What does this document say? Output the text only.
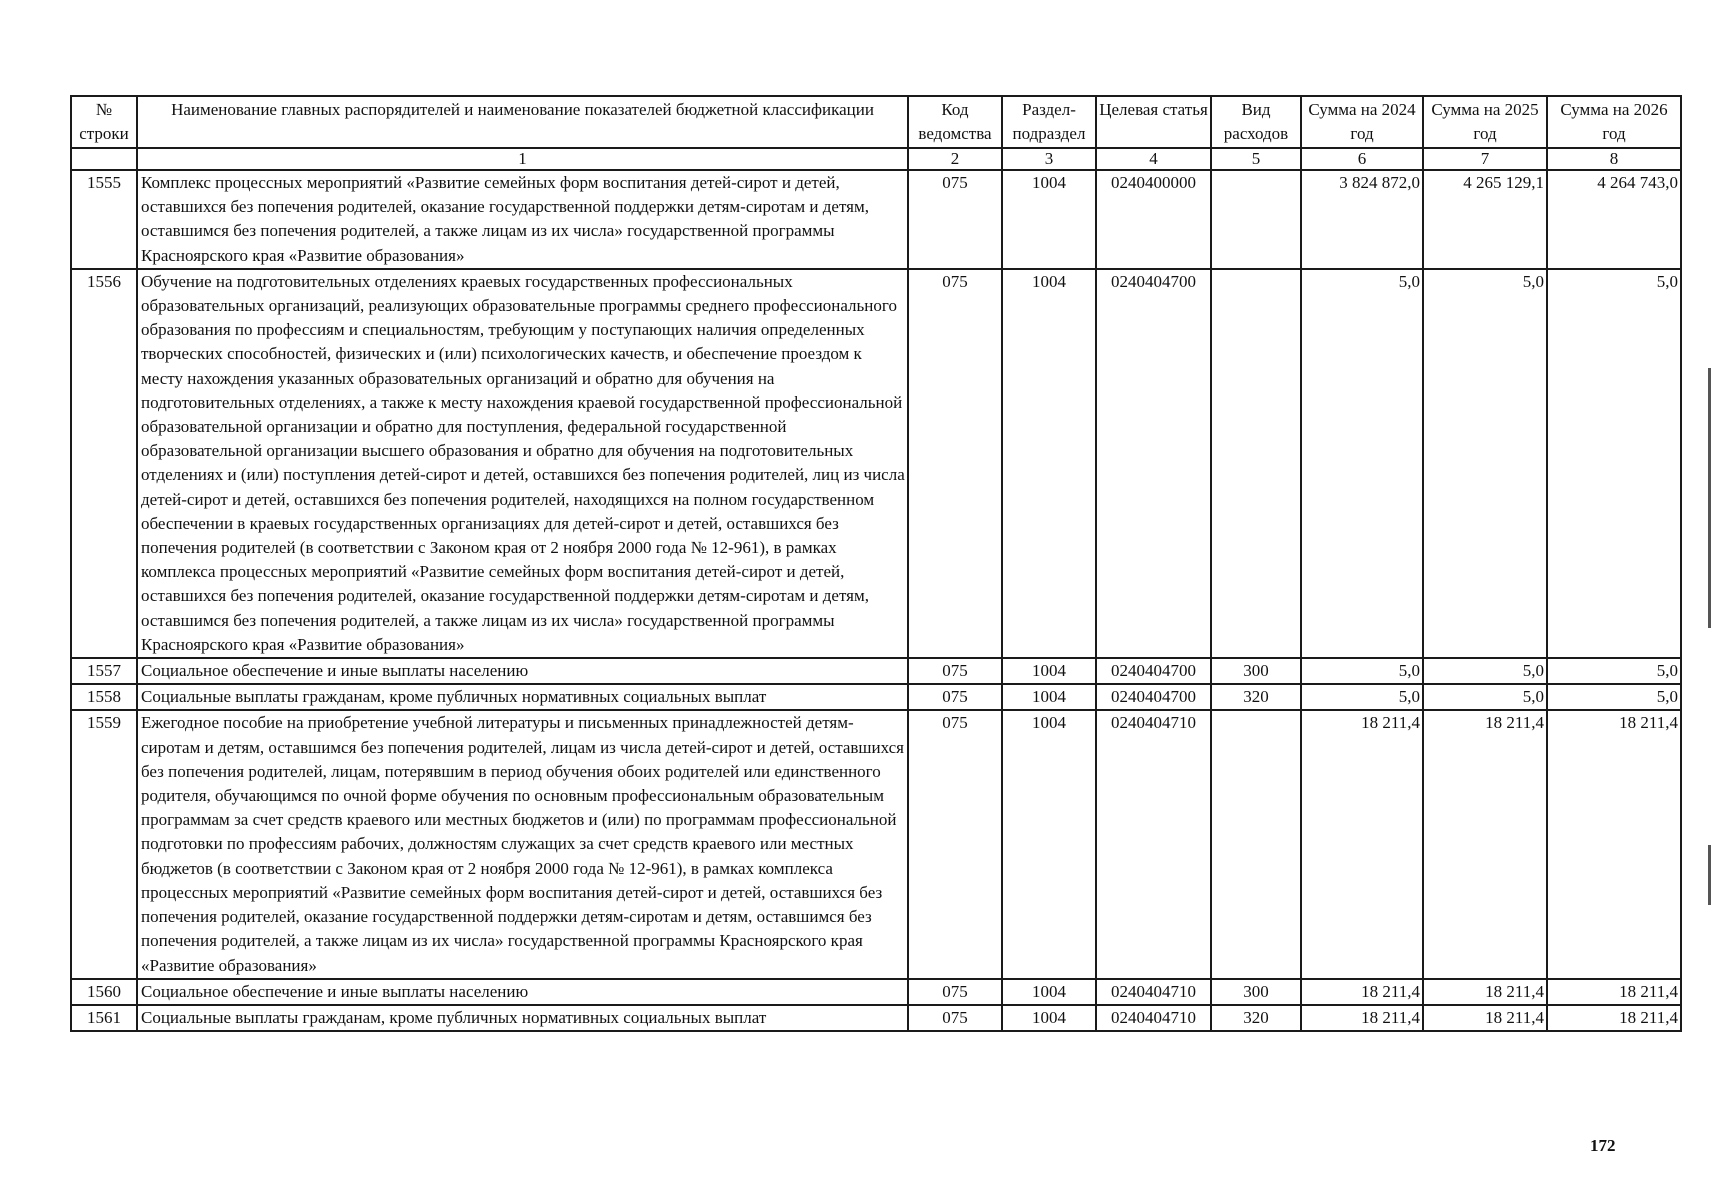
№ строки	Наименование главных распорядителей и наименование показателей бюджетной классификации	Код ведомства	Раздел-подраздел	Целевая статья	Вид расходов	Сумма на 2024 год	Сумма на 2025 год	Сумма на 2026 год
	1	2	3	4	5	6	7	8
1555	Комплекс процессных мероприятий «Развитие семейных форм воспитания детей-сирот и детей, оставшихся без попечения родителей, оказание государственной поддержки детям-сиротам и детям, оставшимся без попечения родителей, а также лицам из их числа» государственной программы Красноярского края «Развитие образования»	075	1004	0240400000		3 824 872,0	4 265 129,1	4 264 743,0
1556	Обучение на подготовительных отделениях краевых государственных профессиональных образовательных организаций, реализующих образовательные программы среднего профессионального образования по профессиям и специальностям, требующим у поступающих наличия определенных творческих способностей, физических и (или) психологических качеств, и обеспечение проездом к месту нахождения указанных образовательных организаций и обратно для обучения на подготовительных отделениях, а также к месту нахождения краевой государственной профессиональной образовательной организации и обратно для поступления, федеральной государственной образовательной организации высшего образования и обратно для обучения на подготовительных отделениях и (или) поступления детей-сирот и детей, оставшихся без попечения родителей, лиц из числа детей-сирот и детей, оставшихся без попечения родителей, находящихся на полном государственном обеспечении в краевых государственных организациях для детей-сирот и детей, оставшихся без попечения родителей (в соответствии с Законом края от 2 ноября 2000 года № 12-961), в рамках комплекса процессных мероприятий «Развитие семейных форм воспитания детей-сирот и детей, оставшихся без попечения родителей, оказание государственной поддержки детям-сиротам и детям, оставшимся без попечения родителей, а также лицам из их числа» государственной программы Красноярского края «Развитие образования»	075	1004	0240404700		5,0	5,0	5,0
1557	Социальное обеспечение и иные выплаты населению	075	1004	0240404700	300	5,0	5,0	5,0
1558	Социальные выплаты гражданам, кроме публичных нормативных социальных выплат	075	1004	0240404700	320	5,0	5,0	5,0
1559	Ежегодное пособие на приобретение учебной литературы и письменных принадлежностей детям-сиротам и детям, оставшимся без попечения родителей, лицам из числа детей-сирот и детей, оставшихся без попечения родителей, лицам, потерявшим в период обучения обоих родителей или единственного родителя, обучающимся по очной форме обучения по основным профессиональным образовательным программам за счет средств краевого или местных бюджетов и (или) по программам профессиональной подготовки по профессиям рабочих, должностям служащих за счет средств краевого или местных бюджетов (в соответствии с Законом края от 2 ноября 2000 года № 12-961), в рамках комплекса процессных мероприятий «Развитие семейных форм воспитания детей-сирот и детей, оставшихся без попечения родителей, оказание государственной поддержки детям-сиротам и детям, оставшимся без попечения родителей, а также лицам из их числа» государственной программы Красноярского края «Развитие образования»	075	1004	0240404710		18 211,4	18 211,4	18 211,4
1560	Социальное обеспечение и иные выплаты населению	075	1004	0240404710	300	18 211,4	18 211,4	18 211,4
1561	Социальные выплаты гражданам, кроме публичных нормативных социальных выплат	075	1004	0240404710	320	18 211,4	18 211,4	18 211,4
172
